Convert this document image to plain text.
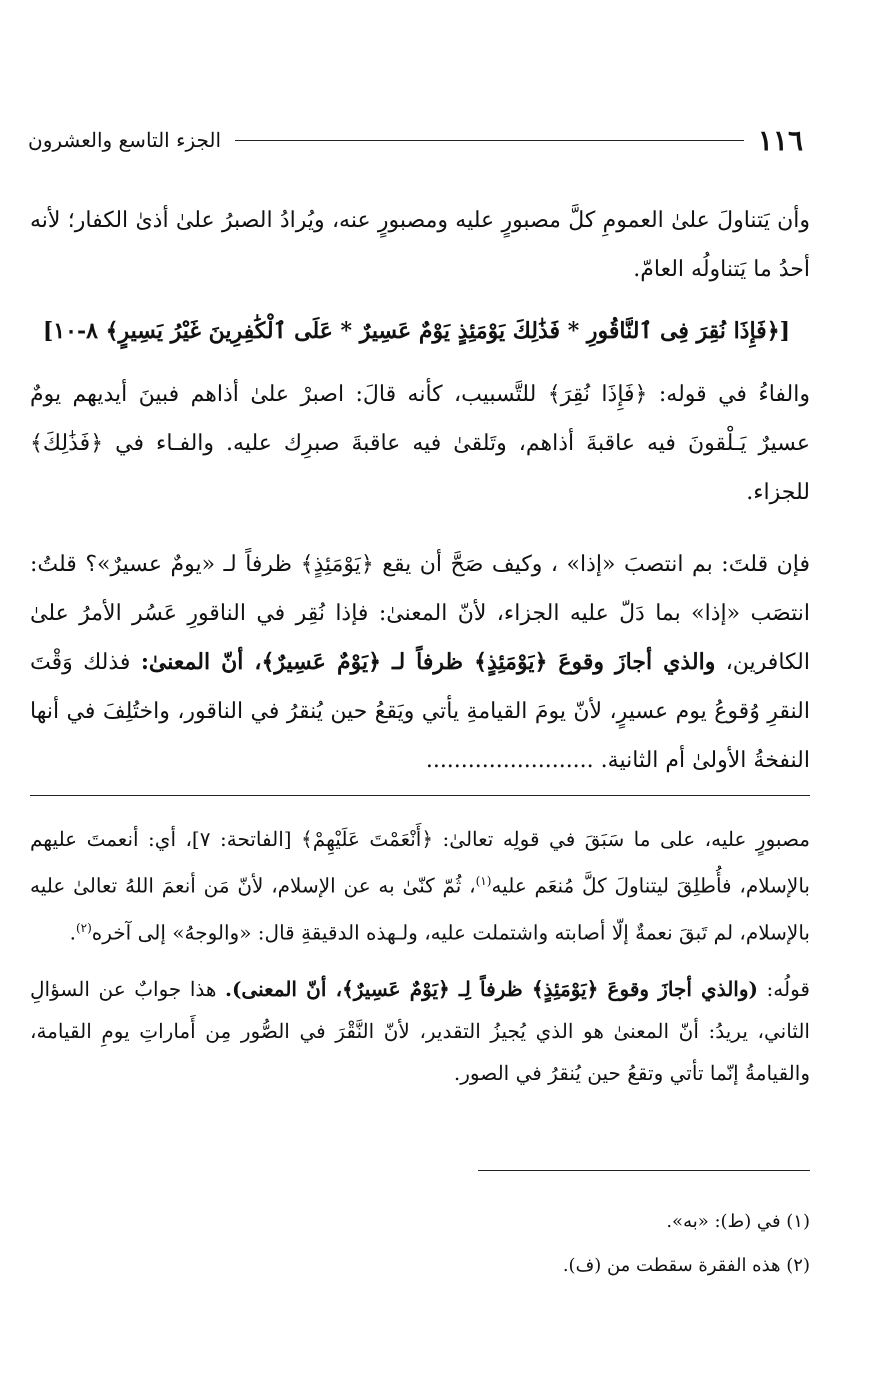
١١٦
الجزء التاسع والعشرون

وأن يَتناولَ علىٰ العمومِ كلَّ مصبورٍ عليه ومصبورٍ عنه، ويُرادُ الصبرُ علىٰ أذىٰ الكفار؛ لأنه أحدُ ما يَتناولُه العامّ.

[﴿فَإِذَا نُقِرَ فِى ٱلنَّاقُورِ * فَذَٰلِكَ يَوْمَئِذٍ يَوْمٌ عَسِيرٌ * عَلَى ٱلْكَٰفِرِينَ غَيْرُ يَسِيرٍ﴾ ٨-١٠]

والفاءُ في قوله: ﴿فَإِذَا نُقِرَ﴾ للتَّسبيب، كأنه قالَ: اصبرْ علىٰ أذاهم فبينَ أيديهم يومٌ عسيرٌ يَـلْقونَ فيه عاقبةَ أذاهم، وتَلقىٰ فيه عاقبةَ صبرِك عليه. والفـاء في ﴿فَذَٰلِكَ﴾ للجزاء.

فإن قلتَ: بم انتصبَ «إذا» ، وكيف صَحَّ أن يقع ﴿يَوْمَئِذٍ﴾ ظرفاً لـ «يومٌ عسيرٌ»؟ قلتُ: انتصَب «إذا» بما دَلّ عليه الجزاء، لأنّ المعنىٰ: فإذا نُقِر في الناقورِ عَسُر الأمرُ علىٰ الكافرين، والذي أجازَ وقوعَ ﴿يَوْمَئِذٍ﴾ ظرفاً لـ ﴿يَوْمٌ عَسِيرٌ﴾، أنّ المعنىٰ: فذلك وَقْتَ النقرِ وُقوعُ يوم عسيرٍ، لأنّ يومَ القيامةِ يأتي ويَقعُ حين يُنقرُ في الناقور، واختُلِفَ في أنها النفخةُ الأولىٰ أم الثانية. ........................

مصبورٍ عليه، على ما سَبَقَ في قولِه تعالىٰ: ﴿أَنْعَمْتَ عَلَيْهِمْ﴾ [الفاتحة: ٧]، أي: أنعمتَ عليهم بالإسلام، فأُطلِقَ ليتناولَ كلَّ مُنعَم عليه$^{(١)}$، ثُمّ كنّىٰ به عن الإسلام، لأنّ مَن أنعمَ اللهُ تعالىٰ عليه بالإسلام، لم تَبقَ نعمةٌ إلّا أصابته واشتملت عليه، ولـهذه الدقيقةِ قال: «والوجهُ» إلى آخره$^{(٢)}$.

قولُه: (والذي أجازَ وقوعَ ﴿يَوْمَئِذٍ﴾ ظرفاً لِـ ﴿يَوْمٌ عَسِيرٌ﴾، أنّ المعنى). هذا جوابٌ عن السؤالِ الثاني، يريدُ: أنّ المعنىٰ هو الذي يُجيزُ التقدير، لأنّ النَّقْرَ في الصُّور مِن أَماراتِ يومِ القيامة، والقيامةُ إنّما تأتي وتقعُ حين يُنقرُ في الصور.

(١) في (ط): «به».

(٢) هذه الفقرة سقطت من (ف).
